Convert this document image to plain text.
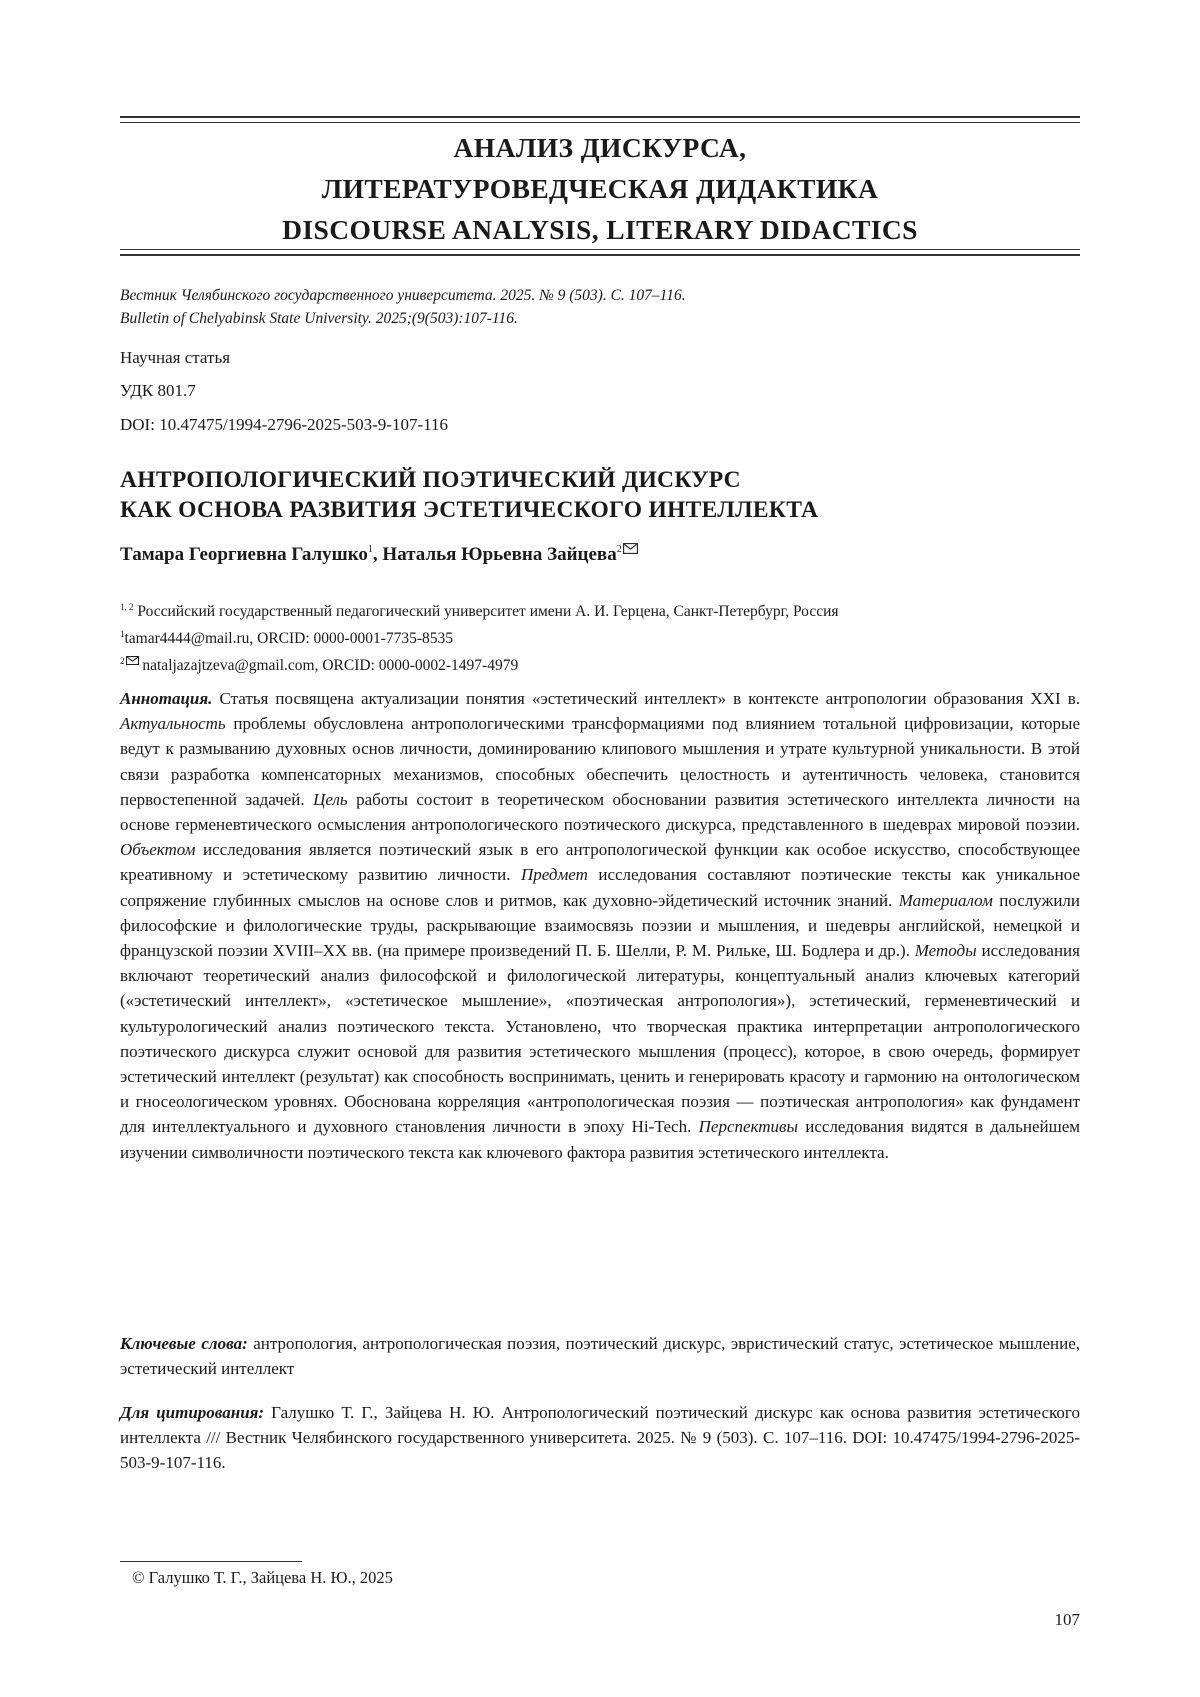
АНАЛИЗ ДИСКУРСА,
ЛИТЕРАТУРОВЕДЧЕСКАЯ ДИДАКТИКА
DISCOURSE ANALYSIS, LITERARY DIDACTICS
Вестник Челябинского государственного университета. 2025. № 9 (503). С. 107–116.
Bulletin of Chelyabinsk State University. 2025;(9(503):107-116.
Научная статья
УДК 801.7
DOI: 10.47475/1994-2796-2025-503-9-107-116
АНТРОПОЛОГИЧЕСКИЙ ПОЭТИЧЕСКИЙ ДИСКУРС
КАК ОСНОВА РАЗВИТИЯ ЭСТЕТИЧЕСКОГО ИНТЕЛЛЕКТА
Тамара Георгиевна Галушко$^1$, Наталья Юрьевна Зайцева$^2$
$^{1, 2}$ Российский государственный педагогический университет имени А. И. Герцена, Санкт-Петербург, Россия
$^1$tamar4444@mail.ru, ORCID: 0000-0001-7735-8535
$^2$ nataljazajtzeva@gmail.com, ORCID: 0000-0002-1497-4979
Аннотация. Статья посвящена актуализации понятия «эстетический интеллект» в контексте антропологии образования XXI в. Актуальность проблемы обусловлена антропологическими трансформациями под влиянием тотальной цифровизации, которые ведут к размыванию духовных основ личности, доминированию клипового мышления и утрате культурной уникальности. В этой связи разработка компенсаторных механизмов, способных обеспечить целостность и аутентичность человека, становится первостепенной задачей. Цель работы состоит в теоретическом обосновании развития эстетического интеллекта личности на основе герменевтического осмысления антропологического поэтического дискурса, представленного в шедеврах мировой поэзии. Объектом исследования является поэтический язык в его антропологической функции как особое искусство, способствующее креативному и эстетическому развитию личности. Предмет исследования составляют поэтические тексты как уникальное сопряжение глубинных смыслов на основе слов и ритмов, как духовно-эйдетический источник знаний. Материалом послужили философские и филологические труды, раскрывающие взаимосвязь поэзии и мышления, и шедевры английской, немецкой и французской поэзии XVIII–XX вв. (на примере произведений П. Б. Шелли, Р. М. Рильке, Ш. Бодлера и др.). Методы исследования включают теоретический анализ философской и филологической литературы, концептуальный анализ ключевых категорий («эстетический интеллект», «эстетическое мышление», «поэтическая антропология»), эстетический, герменевтический и культурологический анализ поэтического текста. Установлено, что творческая практика интерпретации антропологического поэтического дискурса служит основой для развития эстетического мышления (процесс), которое, в свою очередь, формирует эстетический интеллект (результат) как способность воспринимать, ценить и генерировать красоту и гармонию на онтологическом и гносеологическом уровнях. Обоснована корреляция «антропологическая поэзия — поэтическая антропология» как фундамент для интеллектуального и духовного становления личности в эпоху Hi-Tech. Перспективы исследования видятся в дальнейшем изучении символичности поэтического текста как ключевого фактора развития эстетического интеллекта.
Ключевые слова: антропология, антропологическая поэзия, поэтический дискурс, эвристический статус, эстетическое мышление, эстетический интеллект
Для цитирования: Галушко Т. Г., Зайцева Н. Ю. Антропологический поэтический дискурс как основа развития эстетического интеллекта /// Вестник Челябинского государственного университета. 2025. № 9 (503). С. 107–116. DOI: 10.47475/1994-2796-2025-503-9-107-116.
© Галушко Т. Г., Зайцева Н. Ю., 2025
107
